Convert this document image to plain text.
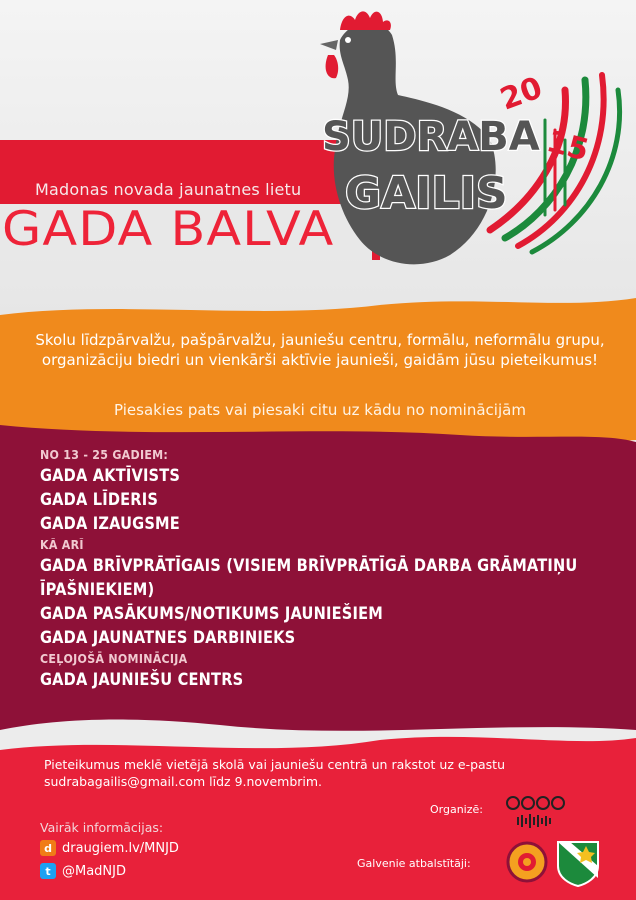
Madonas novada jaunatnes lietu
GADA BALVA
SUDRABA
GAILIS
20
15
Skolu līdzpārvalžu, pašpārvalžu, jauniešu centru, formālu, neformālu grupu, organizāciju biedri un vienkārši aktīvie jaunieši, gaidām jūsu pieteikumus!
Piesakies pats vai piesaki citu uz kādu no nominācijām
NO 13 - 25 GADIEM:
GADA AKTĪVISTS
GADA LĪDERIS
GADA IZAUGSME
KĀ ARĪ
GADA BRĪVPRĀTĪGAIS (VISIEM BRĪVPRĀTĪGĀ DARBA GRĀMATIŅU ĪPAŠNIEKIEM)
GADA PASĀKUMS/NOTIKUMS JAUNIEŠIEM
GADA JAUNATNES DARBINIEKS
CEĻOJOŠĀ NOMINĀCIJA
GADA JAUNIEŠU CENTRS
Pieteikumus meklē vietējā skolā vai jauniešu centrā un rakstot uz e-pastu sudrabagailis@gmail.com līdz 9.novembrim.
Organizē:
Galvenie atbalstītāji:
Vairāk informācijas:
d draugiem.lv/MNJD
t @MadNJD
